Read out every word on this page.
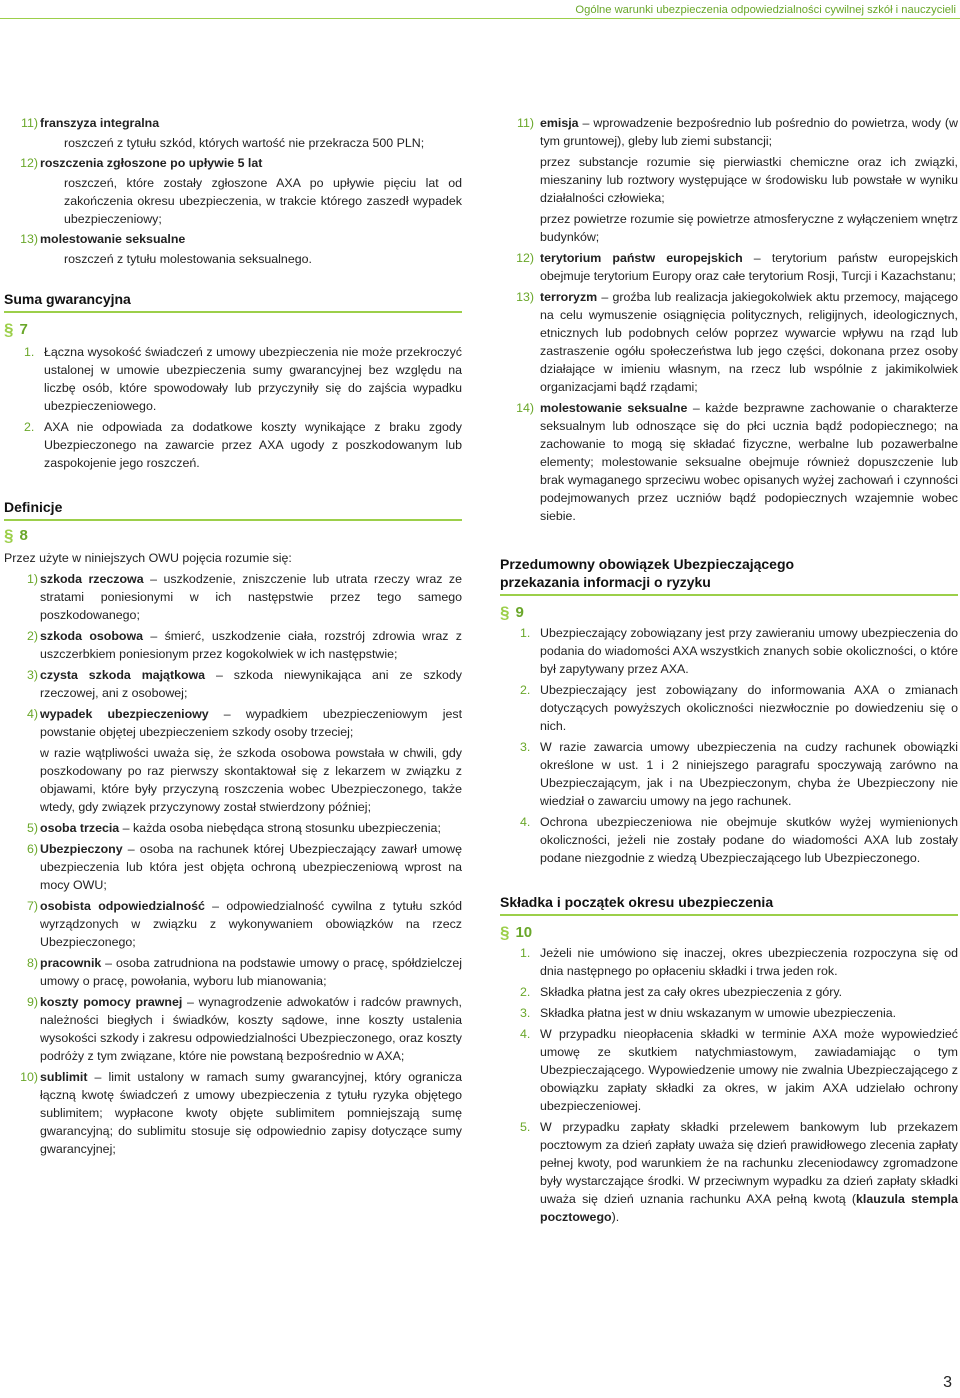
Ogólne warunki ubezpieczenia odpowiedzialności cywilnej szkół i nauczycieli
11) franszyza integralna
roszczeń z tytułu szkód, których wartość nie przekracza 500 PLN;
12) roszczenia zgłoszone po upływie 5 lat
roszczeń, które zostały zgłoszone AXA po upływie pięciu lat od zakończenia okresu ubezpieczenia, w trakcie którego zaszedł wypadek ubezpieczeniowy;
13) molestowanie seksualne
roszczeń z tytułu molestowania seksualnego.
Suma gwarancyjna
§ 7
1. Łączna wysokość świadczeń z umowy ubezpieczenia nie może przekroczyć ustalonej w umowie ubezpieczenia sumy gwarancyjnej bez względu na liczbę osób, które spowodowały lub przyczyniły się do zajścia wypadku ubezpieczeniowego.
2. AXA nie odpowiada za dodatkowe koszty wynikające z braku zgody Ubezpieczonego na zawarcie przez AXA ugody z poszkodowanym lub zaspokojenie jego roszczeń.
Definicje
§ 8
Przez użyte w niniejszych OWU pojęcia rozumie się:
1) szkoda rzeczowa – uszkodzenie, zniszczenie lub utrata rzeczy wraz ze stratami poniesionymi w ich następstwie przez tego samego poszkodowanego;
2) szkoda osobowa – śmierć, uszkodzenie ciała, rozstrój zdrowia wraz z uszczerbkiem poniesionym przez kogokolwiek w ich następstwie;
3) czysta szkoda majątkowa – szkoda niewynikająca ani ze szkody rzeczowej, ani z osobowej;
4) wypadek ubezpieczeniowy – wypadkiem ubezpieczeniowym jest powstanie objętej ubezpieczeniem szkody osoby trzeciej;
w razie wątpliwości uważa się, że szkoda osobowa powstała w chwili, gdy poszkodowany po raz pierwszy skontaktował się z lekarzem w związku z objawami, które były przyczyną roszczenia wobec Ubezpieczonego, także wtedy, gdy związek przyczynowy został stwierdzony później;
5) osoba trzecia – każda osoba niebędąca stroną stosunku ubezpieczenia;
6) Ubezpieczony – osoba na rachunek której Ubezpieczający zawarł umowę ubezpieczenia lub która jest objęta ochroną ubezpieczeniową wprost na mocy OWU;
7) osobista odpowiedzialność – odpowiedzialność cywilna z tytułu szkód wyrządzonych w związku z wykonywaniem obowiązków na rzecz Ubezpieczonego;
8) pracownik – osoba zatrudniona na podstawie umowy o pracę, spółdzielczej umowy o pracę, powołania, wyboru lub mianowania;
9) koszty pomocy prawnej – wynagrodzenie adwokatów i radców prawnych, należności biegłych i świadków, koszty sądowe, inne koszty ustalenia wysokości szkody i zakresu odpowiedzialności Ubezpieczonego, oraz koszty podróży z tym związane, które nie powstaną bezpośrednio w AXA;
10) sublimit – limit ustalony w ramach sumy gwarancyjnej, który ogranicza łączną kwotę świadczeń z umowy ubezpieczenia z tytułu ryzyka objętego sublimitem; wypłacone kwoty objęte sublimitem pomniejszają sumę gwarancyjną; do sublimitu stosuje się odpowiednio zapisy dotyczące sumy gwarancyjnej;
11) emisja – wprowadzenie bezpośrednio lub pośrednio do powietrza, wody (w tym gruntowej), gleby lub ziemi substancji;
przez substancje rozumie się pierwiastki chemiczne oraz ich związki, mieszaniny lub roztwory występujące w środowisku lub powstałe w wyniku działalności człowieka;
przez powietrze rozumie się powietrze atmosferyczne z wyłączeniem wnętrz budynków;
12) terytorium państw europejskich – terytorium państw europejskich obejmuje terytorium Europy oraz całe terytorium Rosji, Turcji i Kazachstanu;
13) terroryzm – groźba lub realizacja jakiegokolwiek aktu przemocy, mającego na celu wymuszenie osiągnięcia politycznych, religijnych, ideologicznych, etnicznych lub podobnych celów poprzez wywarcie wpływu na rząd lub zastraszenie ogółu społeczeństwa lub jego części, dokonana przez osoby działające w imieniu własnym, na rzecz lub wspólnie z jakimikolwiek organizacjami bądź rządami;
14) molestowanie seksualne – każde bezprawne zachowanie o charakterze seksualnym lub odnoszące się do płci ucznia bądź podopiecznego; na zachowanie to mogą się składać fizyczne, werbalne lub pozawerbalne elementy; molestowanie seksualne obejmuje również dopuszczenie lub brak wymaganego sprzeciwu wobec opisanych wyżej zachowań i czynności podejmowanych przez uczniów bądź podopiecznych wzajemnie wobec siebie.
Przedumowny obowiązek Ubezpieczającego
przekazania informacji o ryzyku
§ 9
1. Ubezpieczający zobowiązany jest przy zawieraniu umowy ubezpieczenia do podania do wiadomości AXA wszystkich znanych sobie okoliczności, o które był zapytywany przez AXA.
2. Ubezpieczający jest zobowiązany do informowania AXA o zmianach dotyczących powyższych okoliczności niezwłocznie po dowiedzeniu się o nich.
3. W razie zawarcia umowy ubezpieczenia na cudzy rachunek obowiązki określone w ust. 1 i 2 niniejszego paragrafu spoczywają zarówno na Ubezpieczającym, jak i na Ubezpieczonym, chyba że Ubezpieczony nie wiedział o zawarciu umowy na jego rachunek.
4. Ochrona ubezpieczeniowa nie obejmuje skutków wyżej wymienionych okoliczności, jeżeli nie zostały podane do wiadomości AXA lub zostały podane niezgodnie z wiedzą Ubezpieczającego lub Ubezpieczonego.
Składka i początek okresu ubezpieczenia
§ 10
1. Jeżeli nie umówiono się inaczej, okres ubezpieczenia rozpoczyna się od dnia następnego po opłaceniu składki i trwa jeden rok.
2. Składka płatna jest za cały okres ubezpieczenia z góry.
3. Składka płatna jest w dniu wskazanym w umowie ubezpieczenia.
4. W przypadku nieopłacenia składki w terminie AXA może wypowiedzieć umowę ze skutkiem natychmiastowym, zawiadamiając o tym Ubezpieczającego. Wypowiedzenie umowy nie zwalnia Ubezpieczającego z obowiązku zapłaty składki za okres, w jakim AXA udzielało ochrony ubezpieczeniowej.
5. W przypadku zapłaty składki przelewem bankowym lub przekazem pocztowym za dzień zapłaty uważa się dzień prawidłowego zlecenia zapłaty pełnej kwoty, pod warunkiem że na rachunku zleceniodawcy zgromadzone były wystarczające środki. W przeciwnym wypadku za dzień zapłaty składki uważa się dzień uznania rachunku AXA pełną kwotą (klauzula stempla pocztowego).
3
